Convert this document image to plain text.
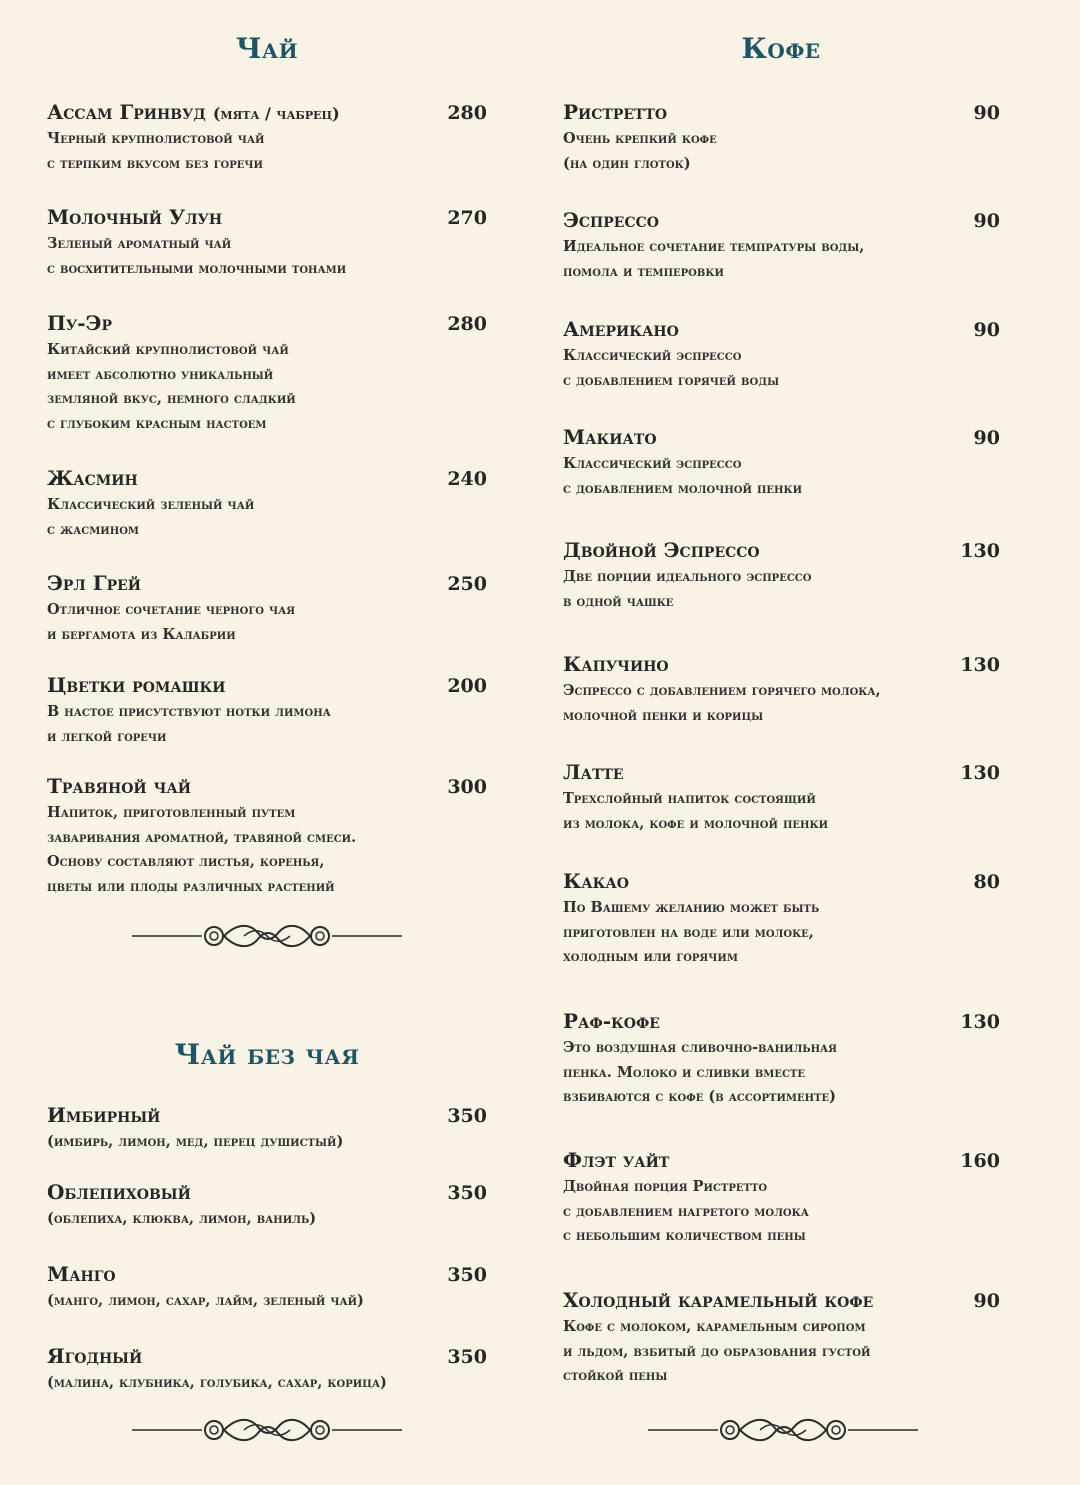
Чай
Ассам Гринвуд (мята / чабрец)	280
Черный крупнолистовой чай
с терпким вкусом без горечи
Молочный Улун	270
Зеленый ароматный чай
с восхитительными молочными тонами
Пу-Эр	280
Китайский крупнолистовой чай
имеет абсолютно уникальный
земляной вкус, немного сладкий
с глубоким красным настоем
Жасмин	240
Классический зеленый чай
с жасмином
Эрл Грей	250
Отличное сочетание черного чая
и бергамота из Калабрии
Цветки ромашки	200
В настое присутствуют нотки лимона
и легкой горечи
Травяной чай	300
Напиток, приготовленный путем
заваривания ароматной, травяной смеси.
Основу составляют листья, коренья,
цветы или плоды различных растений
Чай без чая
Имбирный	350
(имбирь, лимон, мед, перец душистый)
Облепиховый	350
(облепиха, клюква, лимон, ваниль)
Манго	350
(манго, лимон, сахар, лайм, зеленый чай)
Ягодный	350
(малина, клубника, голубика, сахар, корица)
Кофе
Ристретто	90
Очень крепкий кофе
(на один глоток)
Эспрессо	90
Идеальное сочетание темпратуры воды,
помола и темперовки
Американо	90
Классический эспрессо
с добавлением горячей воды
Макиато	90
Классический эспрессо
с добавлением молочной пенки
Двойной Эспрессо	130
Две порции идеального эспрессо
в одной чашке
Капучино	130
Эспрессо с добавлением горячего молока,
молочной пенки и корицы
Латте	130
Трехслойный напиток состоящий
из молока, кофе и молочной пенки
Какао	80
По Вашему желанию может быть
приготовлен на воде или молоке,
холодным или горячим
Раф-кофе	130
Это воздушная сливочно-ванильная
пенка. Молоко и сливки вместе
взбиваются с кофе (в ассортименте)
Флэт уайт	160
Двойная порция Ристретто
с добавлением нагретого молока
с небольшим количеством пены
Холодный карамельный кофе	90
Кофе с молоком, карамельным сиропом
и льдом, взбитый до образования густой
стойкой пены
